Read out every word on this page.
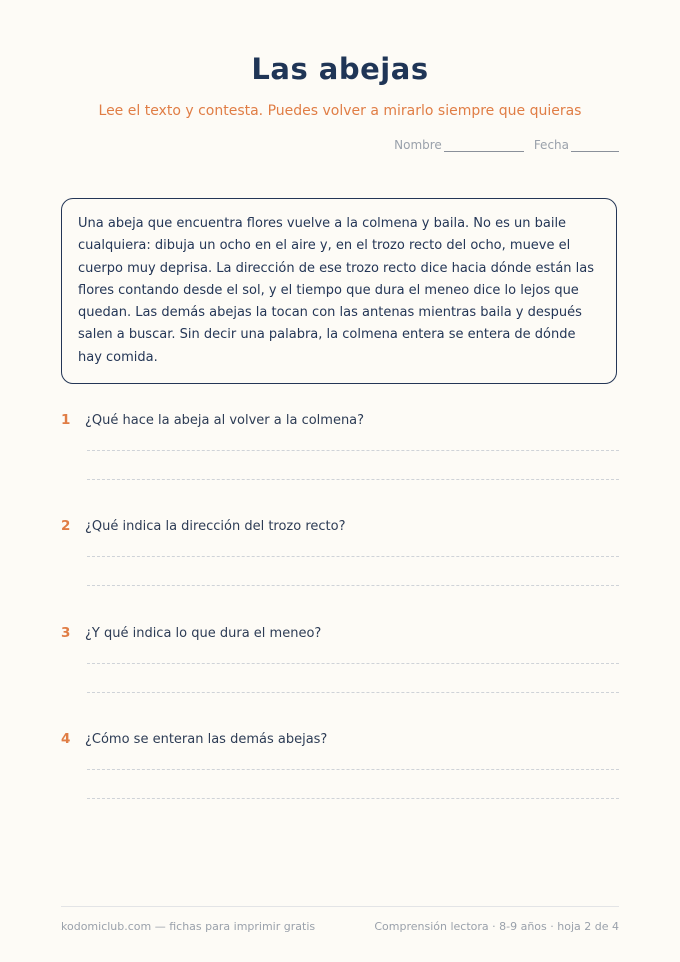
Las abejas
Lee el texto y contesta. Puedes volver a mirarlo siempre que quieras
Nombre	Fecha
Una abeja que encuentra flores vuelve a la colmena y baila. No es un baile cualquiera: dibuja un ocho en el aire y, en el trozo recto del ocho, mueve el cuerpo muy deprisa. La dirección de ese trozo recto dice hacia dónde están las flores contando desde el sol, y el tiempo que dura el meneo dice lo lejos que quedan. Las demás abejas la tocan con las antenas mientras baila y después salen a buscar. Sin decir una palabra, la colmena entera se entera de dónde hay comida.
1	¿Qué hace la abeja al volver a la colmena?
2	¿Qué indica la dirección del trozo recto?
3	¿Y qué indica lo que dura el meneo?
4	¿Cómo se enteran las demás abejas?
kodomiclub.com — fichas para imprimir gratis	Comprensión lectora · 8-9 años · hoja 2 de 4
